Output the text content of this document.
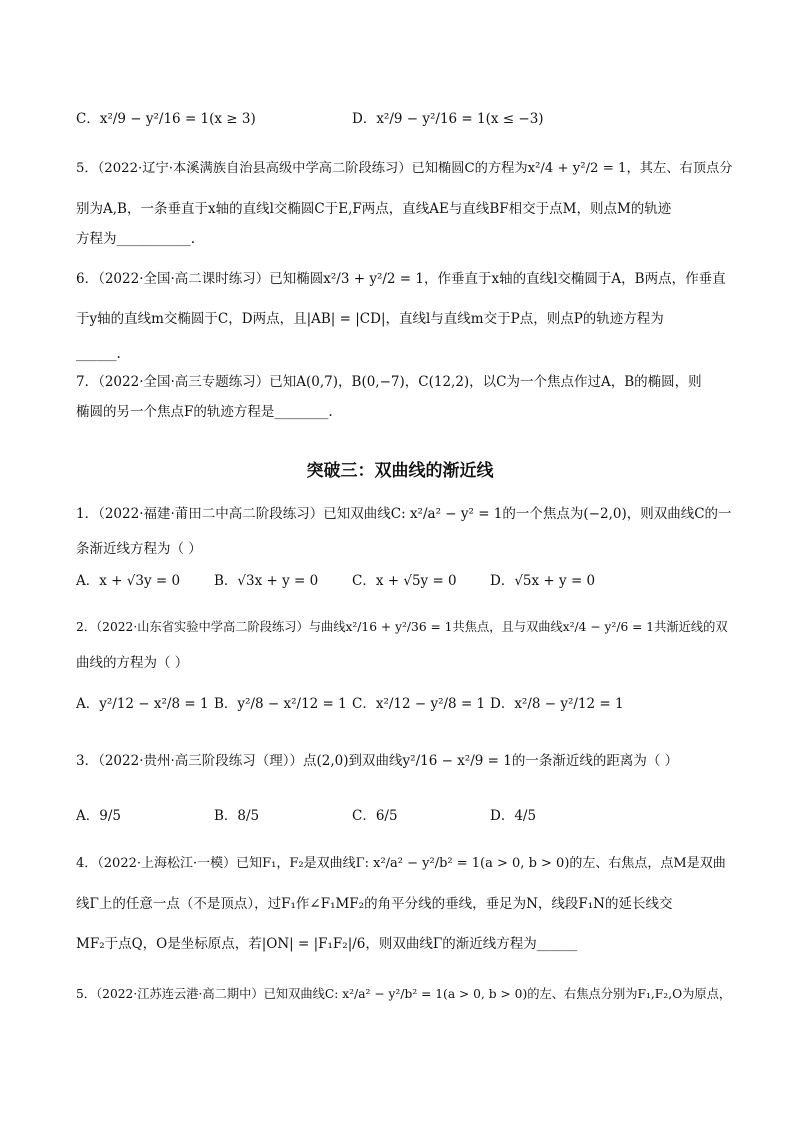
C．x²/9 − y²/16 = 1(x ≥ 3)	D．x²/9 − y²/16 = 1(x ≤ −3)
5．（2022·辽宁·本溪满族自治县高级中学高二阶段练习）已知椭圆C的方程为x²/4 + y²/2 = 1，其左、右顶点分
别为A,B，一条垂直于x轴的直线l交椭圆C于E,F两点，直线AE与直线BF相交于点M，则点M的轨迹
方程为___________.
6．（2022·全国·高二课时练习）已知椭圆x²/3 + y²/2 = 1，作垂直于x轴的直线l交椭圆于A，B两点，作垂直
于y轴的直线m交椭圆于C，D两点，且|AB| = |CD|，直线l与直线m交于P点，则点P的轨迹方程为
______.
7．（2022·全国·高三专题练习）已知A(0,7)，B(0,−7)，C(12,2)，以C为一个焦点作过A，B的椭圆，则
椭圆的另一个焦点F的轨迹方程是________.
突破三：双曲线的渐近线
1．（2022·福建·莆田二中高二阶段练习）已知双曲线C: x²/a² − y² = 1的一个焦点为(−2,0)，则双曲线C的一
条渐近线方程为（ ）
A．x + √3y = 0	B．√3x + y = 0	C．x + √5y = 0 D．√5x + y = 0
2．（2022·山东省实验中学高二阶段练习）与曲线x²/16 + y²/36 = 1共焦点，且与双曲线x²/4 − y²/6 = 1共渐近线的双
曲线的方程为（ ）
A．y²/12 − x²/8 = 1 B．y²/8 − x²/12 = 1 C．x²/12 − y²/8 = 1 D．x²/8 − y²/12 = 1
3．（2022·贵州·高三阶段练习（理））点(2,0)到双曲线y²/16 − x²/9 = 1的一条渐近线的距离为（ ）
A．9/5	B．8/5	C．6/5	D．4/5
4．（2022·上海松江·一模）已知F₁，F₂是双曲线Γ: x²/a² − y²/b² = 1(a > 0, b > 0)的左、右焦点，点M是双曲
线Γ上的任意一点（不是顶点），过F₁作∠F₁MF₂的角平分线的垂线，垂足为N，线段F₁N的延长线交
MF₂于点Q，O是坐标原点，若|ON| = |F₁F₂|/6，则双曲线Γ的渐近线方程为______
5．（2022·江苏连云港·高二期中）已知双曲线C: x²/a² − y²/b² = 1(a > 0, b > 0)的左、右焦点分别为F₁,F₂,O为原点，
